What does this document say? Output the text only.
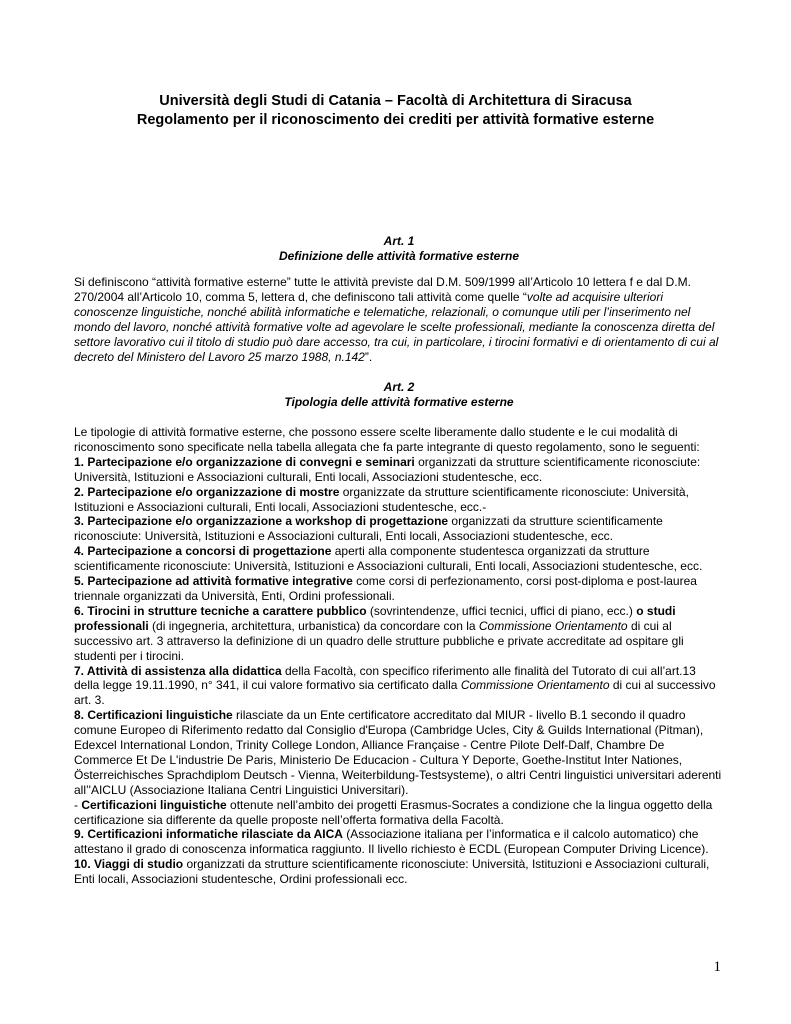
Università degli Studi di Catania – Facoltà di Architettura di Siracusa
Regolamento per il riconoscimento dei crediti per attività formative esterne
Art. 1
Definizione delle attività formative esterne
Si definiscono “attività formative esterne” tutte le attività previste dal D.M. 509/1999 all’Articolo 10 lettera f e dal D.M. 270/2004 all’Articolo 10, comma 5, lettera d, che definiscono tali attività come quelle “volte ad acquisire ulteriori conoscenze linguistiche, nonché abilità informatiche e telematiche, relazionali, o comunque utili per l’inserimento nel mondo del lavoro, nonché attività formative volte ad agevolare le scelte professionali, mediante la conoscenza diretta del settore lavorativo cui il titolo di studio può dare accesso, tra cui, in particolare, i tirocini formativi e di orientamento di cui al decreto del Ministero del Lavoro 25 marzo 1988, n.142”.
Art. 2
Tipologia delle attività formative esterne
Le tipologie di attività formative esterne, che possono essere scelte liberamente dallo studente e le cui modalità di riconoscimento sono specificate nella tabella allegata che fa parte integrante di questo regolamento, sono le seguenti:
1. Partecipazione e/o organizzazione di convegni e seminari organizzati da strutture scientificamente riconosciute: Università, Istituzioni e Associazioni culturali, Enti locali, Associazioni studentesche, ecc.
2. Partecipazione e/o organizzazione di mostre organizzate da strutture scientificamente riconosciute: Università, Istituzioni e Associazioni culturali, Enti locali, Associazioni studentesche, ecc.-
3. Partecipazione e/o organizzazione a workshop di progettazione organizzati da strutture scientificamente riconosciute: Università, Istituzioni e Associazioni culturali, Enti locali, Associazioni studentesche, ecc.
4. Partecipazione a concorsi di progettazione aperti alla componente studentesca organizzati da strutture scientificamente riconosciute: Università, Istituzioni e Associazioni culturali, Enti locali, Associazioni studentesche, ecc.
5. Partecipazione ad attività formative integrative come corsi di perfezionamento, corsi post-diploma e post-laurea triennale organizzati da Università, Enti, Ordini professionali.
6. Tirocini in strutture tecniche a carattere pubblico (sovrintendenze, uffici tecnici, uffici di piano, ecc.) o studi professionali (di ingegneria, architettura, urbanistica) da concordare con la Commissione Orientamento di cui al successivo art. 3 attraverso la definizione di un quadro delle strutture pubbliche e private accreditate ad ospitare gli studenti per i tirocini.
7. Attività di assistenza alla didattica della Facoltà, con specifico riferimento alle finalità del Tutorato di cui all’art.13 della legge 19.11.1990, n° 341, il cui valore formativo sia certificato dalla Commissione Orientamento di cui al successivo art. 3.
8. Certificazioni linguistiche rilasciate da un Ente certificatore accreditato dal MIUR - livello B.1 secondo il quadro comune Europeo di Riferimento redatto dal Consiglio d'Europa (Cambridge Ucles, City & Guilds International (Pitman), Edexcel International London, Trinity College London, Alliance Française - Centre Pilote Delf-Dalf, Chambre De Commerce Et De L'industrie De Paris, Ministerio De Educacion - Cultura Y Deporte, Goethe-Institut Inter Nationes, Österreichisches Sprachdiplom Deutsch - Vienna, Weiterbildung-Testsysteme), o altri Centri linguistici universitari aderenti all’'AICLU (Associazione Italiana Centri Linguistici Universitari).
- Certificazioni linguistiche ottenute nell’ambito dei progetti Erasmus-Socrates a condizione che la lingua oggetto della certificazione sia differente da quelle proposte nell’offerta formativa della Facoltà.
9. Certificazioni informatiche rilasciate da AICA (Associazione italiana per l’informatica e il calcolo automatico) che attestano il grado di conoscenza informatica raggiunto. Il livello richiesto è ECDL (European Computer Driving Licence).
10. Viaggi di studio organizzati da strutture scientificamente riconosciute: Università, Istituzioni e Associazioni culturali, Enti locali, Associazioni studentesche, Ordini professionali ecc.
1
